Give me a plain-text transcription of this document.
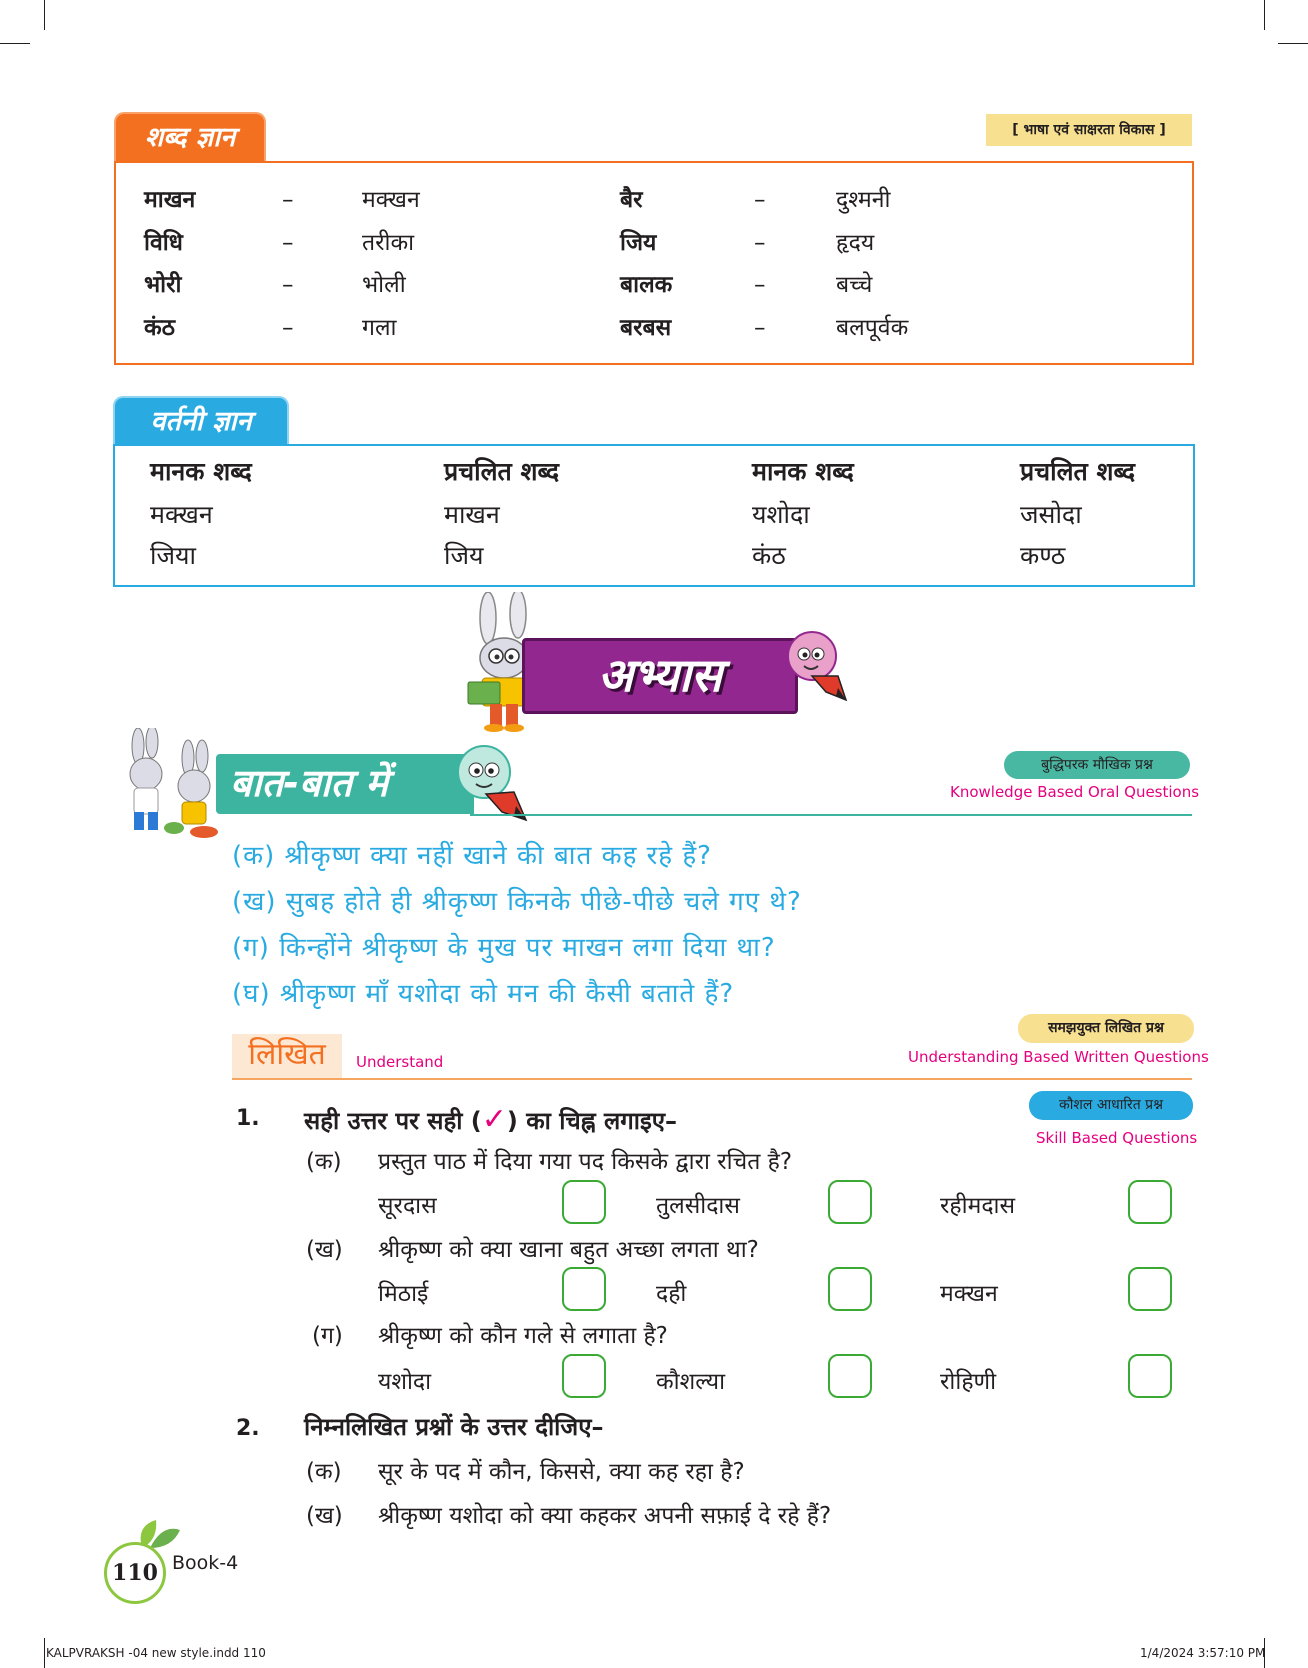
शब्द ज्ञान	[ भाषा एवं साक्षरता विकास ]
माखन	–	मक्खन	बैर	–	दुश्मनी
विधि	–	तरीका	जिय	–	हृदय
भोरी	–	भोली	बालक	–	बच्चे
कंठ	–	गला	बरबस	–	बलपूर्वक
वर्तनी ज्ञान
मानक शब्द	प्रचलित शब्द	मानक शब्द	प्रचलित शब्द
मक्खन	माखन	यशोदा	जसोदा
जिया	जिय	कंठ	कण्ठ
अभ्यास
बात-बात में	बुद्धिपरक मौखिक प्रश्न
Knowledge Based Oral Questions
(क) श्रीकृष्ण क्या नहीं खाने की बात कह रहे हैं?
(ख) सुबह होते ही श्रीकृष्ण किनके पीछे-पीछे चले गए थे?
(ग) किन्होंने श्रीकृष्ण के मुख पर माखन लगा दिया था?
(घ) श्रीकृष्ण माँ यशोदा को मन की कैसी बताते हैं?
लिखित	Understand
समझयुक्त लिखित प्रश्न
Understanding Based Written Questions
कौशल आधारित प्रश्न
Skill Based Questions
1. सही उत्तर पर सही (✓) का चिह्न लगाइए–
(क) प्रस्तुत पाठ में दिया गया पद किसके द्वारा रचित है?
सूरदास	तुलसीदास	रहीमदास
(ख) श्रीकृष्ण को क्या खाना बहुत अच्छा लगता था?
मिठाई	दही	मक्खन
(ग) श्रीकृष्ण को कौन गले से लगाता है?
यशोदा	कौशल्या	रोहिणी
2. निम्नलिखित प्रश्नों के उत्तर दीजिए–
(क) सूर के पद में कौन, किससे, क्या कह रहा है?
(ख) श्रीकृष्ण यशोदा को क्या कहकर अपनी सफ़ाई दे रहे हैं?
110 Book-4
KALPVRAKSH -04 new style.indd 110	1/4/2024 3:57:10 PM
